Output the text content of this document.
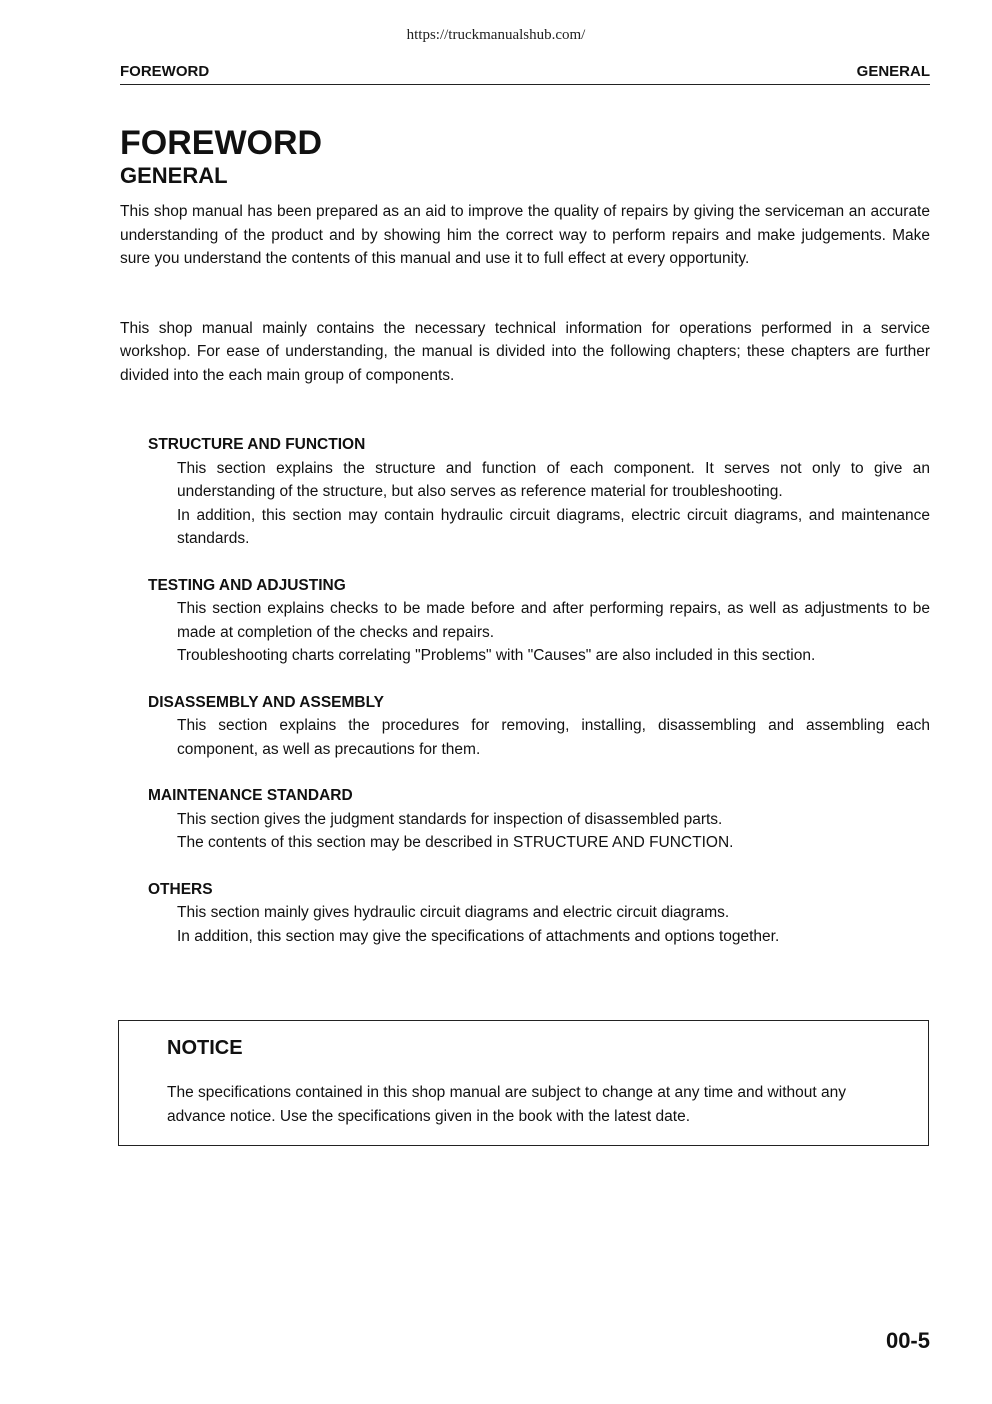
https://truckmanualshub.com/
FOREWORD	GENERAL
FOREWORD
GENERAL

This shop manual has been prepared as an aid to improve the quality of repairs by giving the serviceman an accurate understanding of the product and by showing him the correct way to perform repairs and make judgements. Make sure you understand the contents of this manual and use it to full effect at every opportunity.

This shop manual mainly contains the necessary technical information for operations performed in a service workshop. For ease of understanding, the manual is divided into the following chapters; these chapters are further divided into the each main group of components.

STRUCTURE AND FUNCTION
This section explains the structure and function of each component. It serves not only to give an understanding of the structure, but also serves as reference material for troubleshooting.
In addition, this section may contain hydraulic circuit diagrams, electric circuit diagrams, and maintenance standards.
TESTING AND ADJUSTING
This section explains checks to be made before and after performing repairs, as well as adjustments to be made at completion of the checks and repairs.
Troubleshooting charts correlating "Problems" with "Causes" are also included in this section.
DISASSEMBLY AND ASSEMBLY
This section explains the procedures for removing, installing, disassembling and assembling each component, as well as precautions for them.
MAINTENANCE STANDARD
This section gives the judgment standards for inspection of disassembled parts.
The contents of this section may be described in STRUCTURE AND FUNCTION.
OTHERS
This section mainly gives hydraulic circuit diagrams and electric circuit diagrams.
In addition, this section may give the specifications of attachments and options together.
NOTICE
The specifications contained in this shop manual are subject to change at any time and without any advance notice. Use the specifications given in the book with the latest date.
00-5
